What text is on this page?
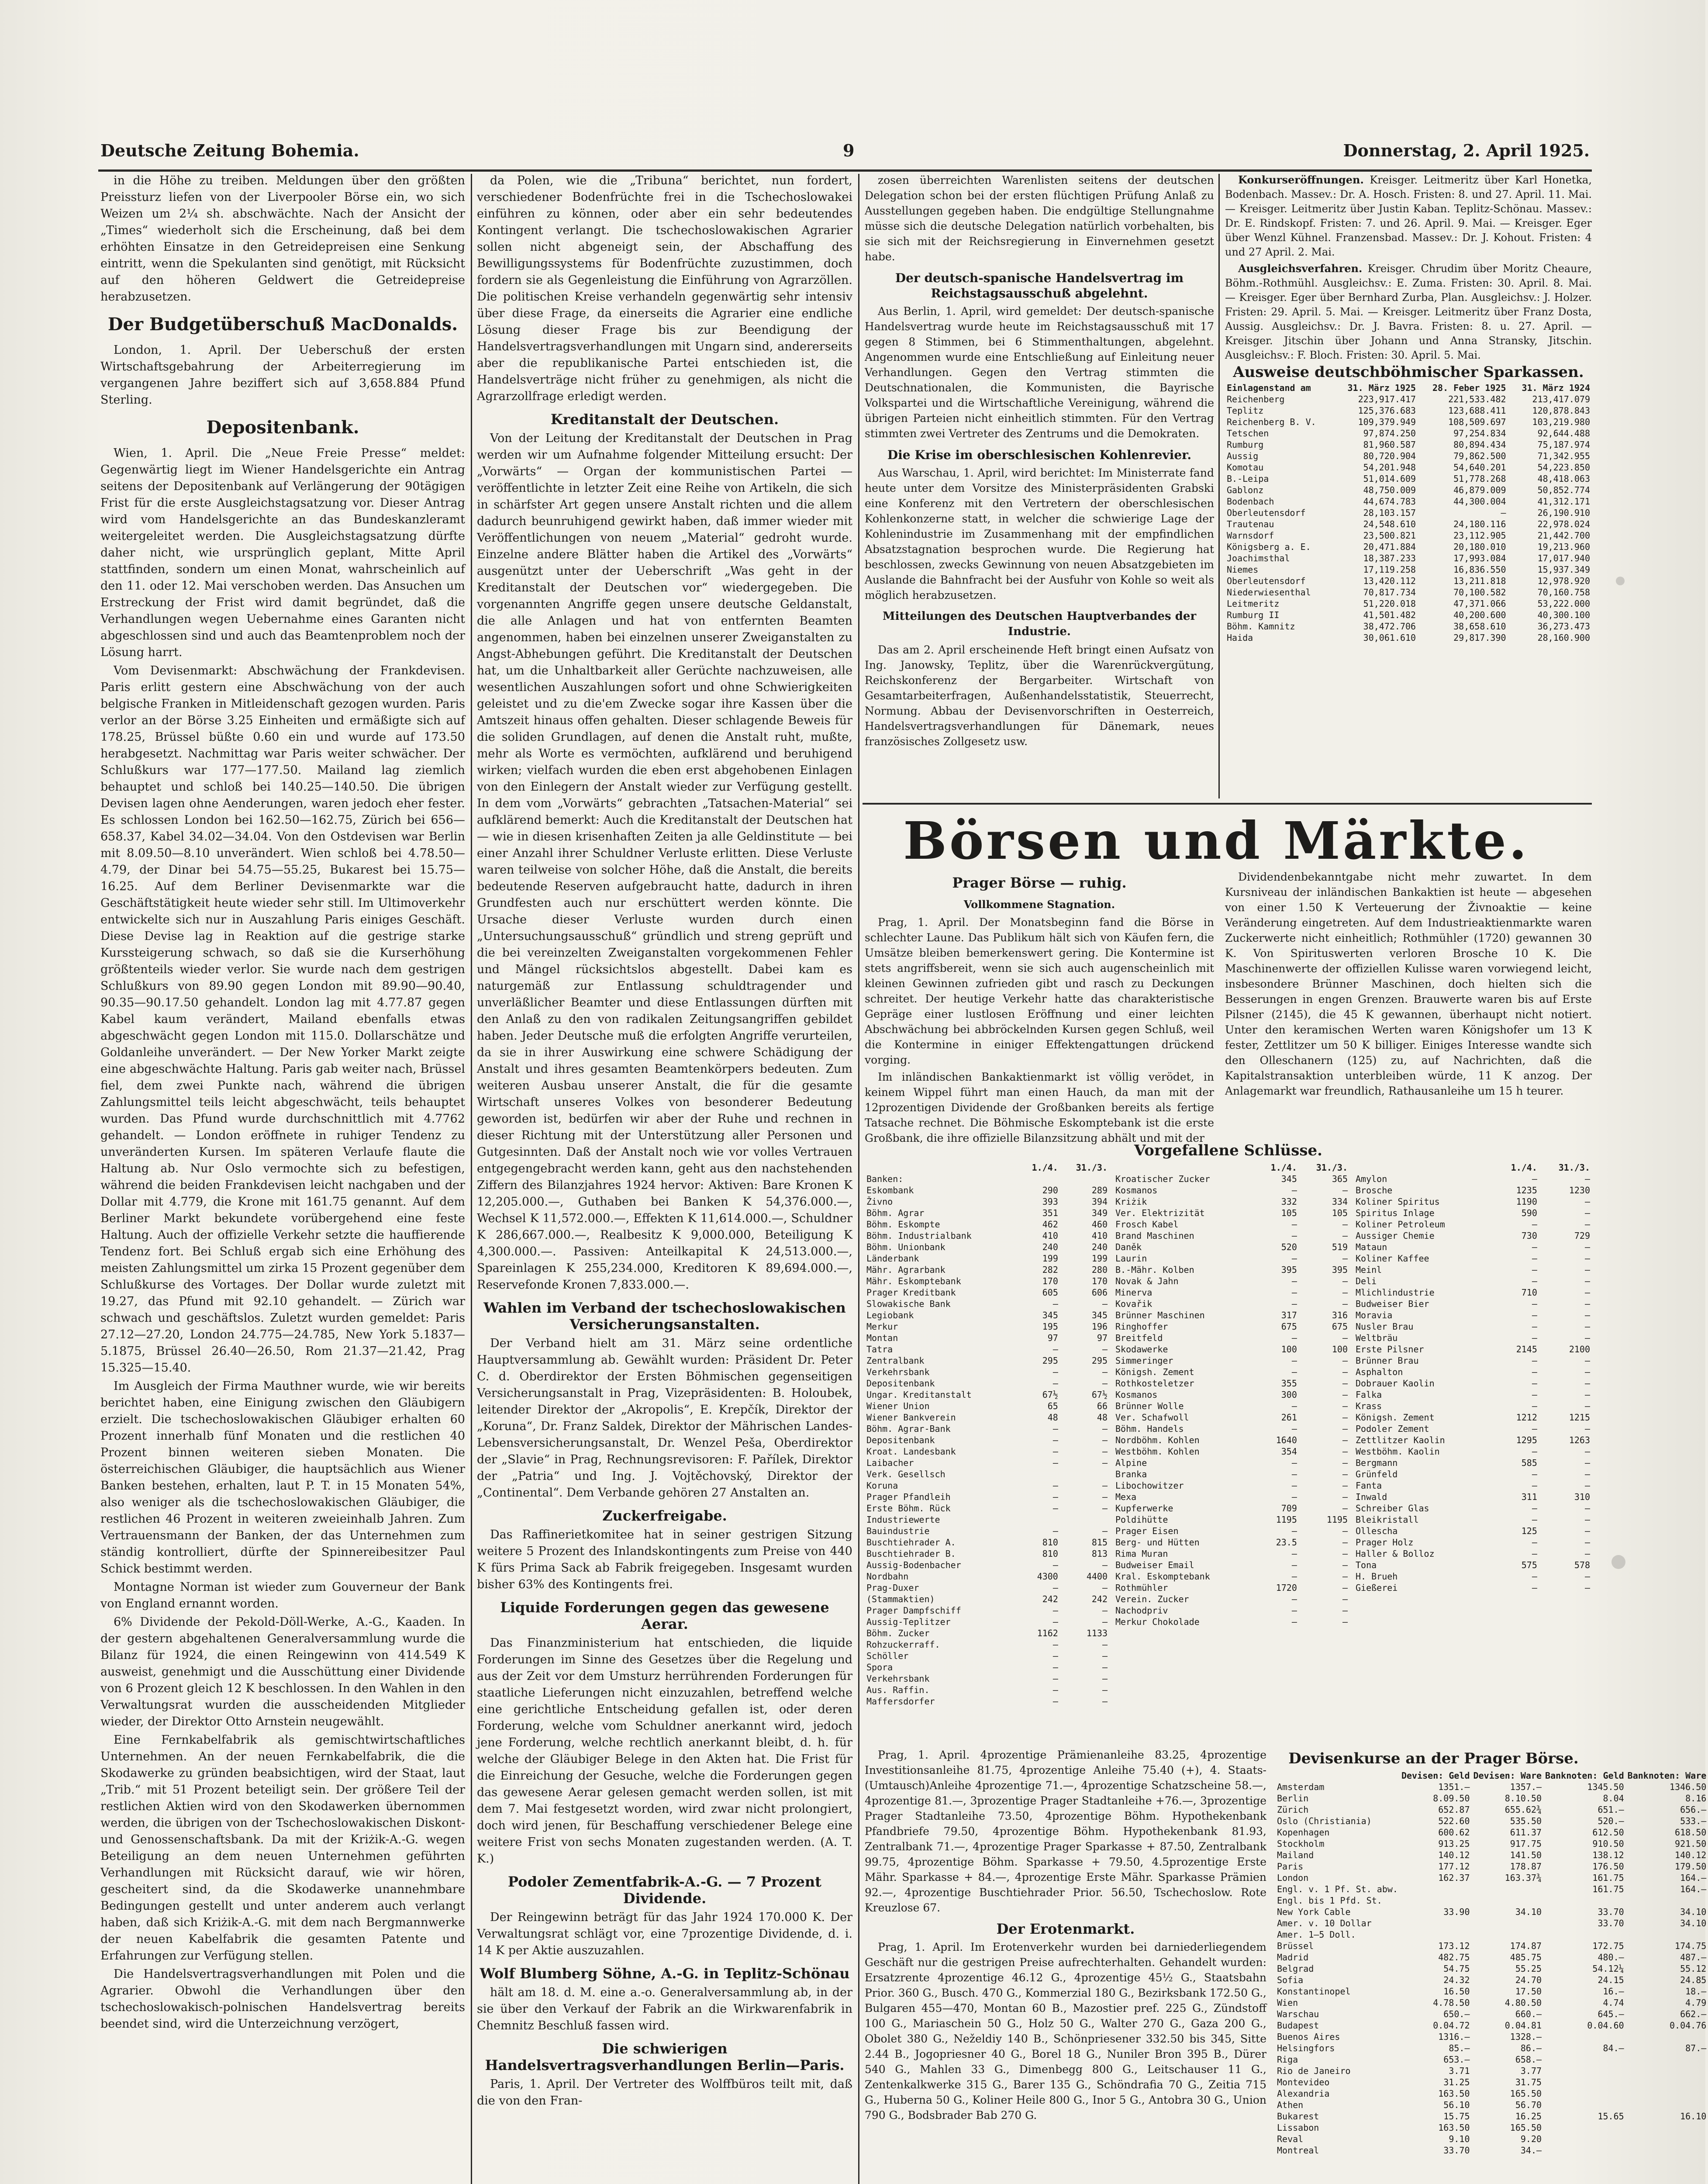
Deutsche Zeitung Bohemia.	9	Donnerstag, 2. April 1925.

in die Höhe zu treiben. Meldungen über den größten Preissturz liefen von der Liverpooler Börse ein, wo sich Weizen um 2¼ sh. abschwächte. Nach der Ansicht der „Times“ wiederholt sich die Erscheinung, daß bei dem erhöhten Einsatze in den Getreidepreisen eine Senkung eintritt, wenn die Spekulanten sind genötigt, mit Rücksicht auf den höheren Geldwert die Getreidepreise herabzusetzen.

Der Budgetüberschuß MacDonalds.

London, 1. April. Der Ueberschuß der ersten Wirtschaftsgebahrung der Arbeiterregierung im vergangenen Jahre beziffert sich auf 3,658.884 Pfund Sterling.

Depositenbank.

Wien, 1. April. Die „Neue Freie Presse“ meldet: Gegenwärtig liegt im Wiener Handelsgerichte ein Antrag seitens der Depositenbank auf Verlängerung der 90tägigen Frist für die erste Ausgleichstagsatzung vor. Dieser Antrag wird vom Handelsgerichte an das Bundeskanzleramt weitergeleitet werden. Die Ausgleichstagsatzung dürfte daher nicht, wie ursprünglich geplant, Mitte April stattfinden, sondern um einen Monat, wahrscheinlich auf den 11. oder 12. Mai verschoben werden. Das Ansuchen um Erstreckung der Frist wird damit begründet, daß die Verhandlungen wegen Uebernahme eines Garanten nicht abgeschlossen sind und auch das Beamtenproblem noch der Lösung harrt.

Vom Devisenmarkt: Abschwächung der Frankdevisen. Paris erlitt gestern eine Abschwächung von der auch belgische Franken in Mitleidenschaft gezogen wurden. Paris verlor an der Börse 3.25 Einheiten und ermäßigte sich auf 178.25, Brüssel büßte 0.60 ein und wurde auf 173.50 herabgesetzt. Nachmittag war Paris weiter schwächer. Der Schlußkurs war 177—177.50. Mailand lag ziemlich behauptet und schloß bei 140.25—140.50. Die übrigen Devisen lagen ohne Aenderungen, waren jedoch eher fester. Es schlossen London bei 162.50—162.75, Zürich bei 656—658.37, Kabel 34.02—34.04. Von den Ostdevisen war Berlin mit 8.09.50—8.10 unverändert. Wien schloß bei 4.78.50—4.79, der Dinar bei 54.75—55.25, Bukarest bei 15.75—16.25. Auf dem Berliner Devisenmarkte war die Geschäftstätigkeit heute wieder sehr still. Im Ultimoverkehr entwickelte sich nur in Auszahlung Paris einiges Geschäft. Diese Devise lag in Reaktion auf die gestrige starke Kurssteigerung schwach, so daß sie die Kurserhöhung größtenteils wieder verlor. Sie wurde nach dem gestrigen Schlußkurs von 89.90 gegen London mit 89.90—90.40, 90.35—90.17.50 gehandelt. London lag mit 4.77.87 gegen Kabel kaum verändert, Mailand ebenfalls etwas abgeschwächt gegen London mit 115.0. Dollarschätze und Goldanleihe unverändert. — Der New Yorker Markt zeigte eine abgeschwächte Haltung. Paris gab weiter nach, Brüssel fiel, dem zwei Punkte nach, während die übrigen Zahlungsmittel teils leicht abgeschwächt, teils behauptet wurden. Das Pfund wurde durchschnittlich mit 4.7762 gehandelt. — London eröffnete in ruhiger Tendenz zu unveränderten Kursen. Im späteren Verlaufe flaute die Haltung ab. Nur Oslo vermochte sich zu befestigen, während die beiden Frankdevisen leicht nachgaben und der Dollar mit 4.779, die Krone mit 161.75 genannt. Auf dem Berliner Markt bekundete vorübergehend eine feste Haltung. Auch der offizielle Verkehr setzte die hauffierende Tendenz fort. Bei Schluß ergab sich eine Erhöhung des meisten Zahlungsmittel um zirka 15 Prozent gegenüber dem Schlußkurse des Vortages. Der Dollar wurde zuletzt mit 19.27, das Pfund mit 92.10 gehandelt. — Zürich war schwach und geschäftslos. Zuletzt wurden gemeldet: Paris 27.12—27.20, London 24.775—24.785, New York 5.1837—5.1875, Brüssel 26.40—26.50, Rom 21.37—21.42, Prag 15.325—15.40.

Im Ausgleich der Firma Mauthner wurde, wie wir bereits berichtet haben, eine Einigung zwischen den Gläubigern erzielt. Die tschechoslowakischen Gläubiger erhalten 60 Prozent innerhalb fünf Monaten und die restlichen 40 Prozent binnen weiteren sieben Monaten. Die österreichischen Gläubiger, die hauptsächlich aus Wiener Banken bestehen, erhalten, laut P. T. in 15 Monaten 54%, also weniger als die tschechoslowakischen Gläubiger, die restlichen 46 Prozent in weiteren zweieinhalb Jahren. Zum Vertrauensmann der Banken, der das Unternehmen zum ständig kontrolliert, dürfte der Spinnereibesitzer Paul Schick bestimmt werden.

Montagne Norman ist wieder zum Gouverneur der Bank von England ernannt worden.

6% Dividende der Pekold-Döll-Werke, A.-G., Kaaden. In der gestern abgehaltenen Generalversammlung wurde die Bilanz für 1924, die einen Reingewinn von 414.549 K ausweist, genehmigt und die Ausschüttung einer Dividende von 6 Prozent gleich 12 K beschlossen. In den Wahlen in den Verwaltungsrat wurden die ausscheidenden Mitglieder wieder, der Direktor Otto Arnstein neugewählt.

Eine Fernkabelfabrik als gemischtwirtschaftliches Unternehmen. An der neuen Fernkabelfabrik, die die Skodawerke zu gründen beabsichtigen, wird der Staat, laut „Trib.“ mit 51 Prozent beteiligt sein. Der größere Teil der restlichen Aktien wird von den Skodawerken übernommen werden, die übrigen von der Tschechoslowakischen Diskont- und Genossenschaftsbank. Da mit der Kriżik-A.-G. wegen Beteiligung an dem neuen Unternehmen geführten Verhandlungen mit Rücksicht darauf, wie wir hören, gescheitert sind, da die Skodawerke unannehmbare Bedingungen gestellt und unter anderem auch verlangt haben, daß sich Kriżik-A.-G. mit dem nach Bergmannwerke der neuen Kabelfabrik die gesamten Patente und Erfahrungen zur Verfügung stellen.

Die Handelsvertragsverhandlungen mit Polen und die Agrarier. Obwohl die Verhandlungen über den tschechoslowakisch-polnischen Handelsvertrag bereits beendet sind, wird die Unterzeichnung verzögert,

da Polen, wie die „Tribuna“ berichtet, nun fordert, verschiedener Bodenfrüchte frei in die Tschechoslowakei einführen zu können, oder aber ein sehr bedeutendes Kontingent verlangt. Die tschechoslowakischen Agrarier sollen nicht abgeneigt sein, der Abschaffung des Bewilligungssystems für Bodenfrüchte zuzustimmen, doch fordern sie als Gegenleistung die Einführung von Agrarzöllen. Die politischen Kreise verhandeln gegenwärtig sehr intensiv über diese Frage, da einerseits die Agrarier eine endliche Lösung dieser Frage bis zur Beendigung der Handelsvertragsverhandlungen mit Ungarn sind, andererseits aber die republikanische Partei entschieden ist, die Handelsverträge nicht früher zu genehmigen, als nicht die Agrarzollfrage erledigt werden.

Kreditanstalt der Deutschen.

Von der Leitung der Kreditanstalt der Deutschen in Prag werden wir um Aufnahme folgender Mitteilung ersucht: Der „Vorwärts“ — Organ der kommunistischen Partei — veröffentlichte in letzter Zeit eine Reihe von Artikeln, die sich in schärfster Art gegen unsere Anstalt richten und die allem dadurch beunruhigend gewirkt haben, daß immer wieder mit Veröffentlichungen von neuem „Material“ gedroht wurde. Einzelne andere Blätter haben die Artikel des „Vorwärts“ ausgenützt unter der Ueberschrift „Was geht in der Kreditanstalt der Deutschen vor“ wiedergegeben. Die vorgenannten Angriffe gegen unsere deutsche Geldanstalt, die alle Anlagen und hat von entfernten Beamten angenommen, haben bei einzelnen unserer Zweiganstalten zu Angst-Abhebungen geführt. Die Kreditanstalt der Deutschen hat, um die Unhaltbarkeit aller Gerüchte nachzuweisen, alle wesentlichen Auszahlungen sofort und ohne Schwierigkeiten geleistet und zu die'em Zwecke sogar ihre Kassen über die Amtszeit hinaus offen gehalten. Dieser schlagende Beweis für die soliden Grundlagen, auf denen die Anstalt ruht, mußte, mehr als Worte es vermöchten, aufklärend und beruhigend wirken; vielfach wurden die eben erst abgehobenen Einlagen von den Einlegern der Anstalt wieder zur Verfügung gestellt. In dem vom „Vorwärts“ gebrachten „Tatsachen-Material“ sei aufklärend bemerkt: Auch die Kreditanstalt der Deutschen hat — wie in diesen krisenhaften Zeiten ja alle Geldinstitute — bei einer Anzahl ihrer Schuldner Verluste erlitten. Diese Verluste waren teilweise von solcher Höhe, daß die Anstalt, die bereits bedeutende Reserven aufgebraucht hatte, dadurch in ihren Grundfesten auch nur erschüttert werden könnte. Die Ursache dieser Verluste wurden durch einen „Untersuchungsausschuß“ gründlich und streng geprüft und die bei vereinzelten Zweiganstalten vorgekommenen Fehler und Mängel rücksichtslos abgestellt. Dabei kam es naturgemäß zur Entlassung schuldtragender und unverläßlicher Beamter und diese Entlassungen dürften mit den Anlaß zu den von radikalen Zeitungsangriffen gebildet haben. Jeder Deutsche muß die erfolgten Angriffe verurteilen, da sie in ihrer Auswirkung eine schwere Schädigung der Anstalt und ihres gesamten Beamtenkörpers bedeuten. Zum weiteren Ausbau unserer Anstalt, die für die gesamte Wirtschaft unseres Volkes von besonderer Bedeutung geworden ist, bedürfen wir aber der Ruhe und rechnen in dieser Richtung mit der Unterstützung aller Personen und Gutgesinnten. Daß der Anstalt noch wie vor volles Vertrauen entgegengebracht werden kann, geht aus den nachstehenden Ziffern des Bilanzjahres 1924 hervor: Aktiven: Bare Kronen K 12,205.000.—, Guthaben bei Banken K 54,376.000.—, Wechsel K 11,572.000.—, Effekten K 11,614.000.—, Schuldner K 286,667.000.—, Realbesitz K 9,000.000, Beteiligung K 4,300.000.—. Passiven: Anteilkapital K 24,513.000.—, Spareinlagen K 255,234.000, Kreditoren K 89,694.000.—, Reservefonde Kronen 7,833.000.—.

Wahlen im Verband der tschechoslowakischen Versicherungsanstalten.

Der Verband hielt am 31. März seine ordentliche Hauptversammlung ab. Gewählt wurden: Präsident Dr. Peter C. d. Oberdirektor der Ersten Böhmischen gegenseitigen Versicherungsanstalt in Prag, Vizepräsidenten: B. Holoubek, leitender Direktor der „Akropolis“, E. Krepčík, Direktor der „Koruna“, Dr. Franz Saldek, Direktor der Mährischen Landes-Lebensversicherungsanstalt, Dr. Wenzel Peša, Oberdirektor der „Slavie“ in Prag, Rechnungsrevisoren: F. Pařílek, Direktor der „Patria“ und Ing. J. Vojtěchovský, Direktor der „Continental“. Dem Verbande gehören 27 Anstalten an.

Zuckerfreigabe.

Das Raffinerietkomitee hat in seiner gestrigen Sitzung weitere 5 Prozent des Inlandskontingents zum Preise von 440 K fürs Prima Sack ab Fabrik freigegeben. Insgesamt wurden bisher 63% des Kontingents frei.

Liquide Forderungen gegen das gewesene Aerar.

Das Finanzministerium hat entschieden, die liquide Forderungen im Sinne des Gesetzes über die Regelung und aus der Zeit vor dem Umsturz herrührenden Forderungen für staatliche Lieferungen nicht einzuzahlen, betreffend welche eine gerichtliche Entscheidung gefallen ist, oder deren Forderung, welche vom Schuldner anerkannt wird, jedoch jene Forderung, welche rechtlich anerkannt bleibt, d. h. für welche der Gläubiger Belege in den Akten hat. Die Frist für die Einreichung der Gesuche, welche die Forderungen gegen das gewesene Aerar gelesen gemacht werden sollen, ist mit dem 7. Mai festgesetzt worden, wird zwar nicht prolongiert, doch wird jenen, für Beschaffung verschiedener Belege eine weitere Frist von sechs Monaten zugestanden werden. (A. T. K.)

Podoler Zementfabrik-A.-G. — 7 Prozent Dividende.

Der Reingewinn beträgt für das Jahr 1924 170.000 K. Der Verwaltungsrat schlägt vor, eine 7prozentige Dividende, d. i. 14 K per Aktie auszuzahlen.

Wolf Blumberg Söhne, A.-G. in Teplitz-Schönau

hält am 18. d. M. eine a.-o. Generalversammlung ab, in der sie über den Verkauf der Fabrik an die Wirkwarenfabrik in Chemnitz Beschluß fassen wird.

Die schwierigen Handelsvertragsverhandlungen Berlin—Paris.

Paris, 1. April. Der Vertreter des Wolffbüros teilt mit, daß die von den Fran-

zosen überreichten Warenlisten seitens der deutschen Delegation schon bei der ersten flüchtigen Prüfung Anlaß zu Ausstellungen gegeben haben. Die endgültige Stellungnahme müsse sich die deutsche Delegation natürlich vorbehalten, bis sie sich mit der Reichsregierung in Einvernehmen gesetzt habe.

Der deutsch-spanische Handelsvertrag im Reichstagsausschuß abgelehnt.

Aus Berlin, 1. April, wird gemeldet: Der deutsch-spanische Handelsvertrag wurde heute im Reichstagsausschuß mit 17 gegen 8 Stimmen, bei 6 Stimmenthaltungen, abgelehnt. Angenommen wurde eine Entschließung auf Einleitung neuer Verhandlungen. Gegen den Vertrag stimmten die Deutschnationalen, die Kommunisten, die Bayrische Volkspartei und die Wirtschaftliche Vereinigung, während die übrigen Parteien nicht einheitlich stimmten. Für den Vertrag stimmten zwei Vertreter des Zentrums und die Demokraten.

Die Krise im oberschlesischen Kohlenrevier.

Aus Warschau, 1. April, wird berichtet: Im Ministerrate fand heute unter dem Vorsitze des Ministerpräsidenten Grabski eine Konferenz mit den Vertretern der oberschlesischen Kohlenkonzerne statt, in welcher die schwierige Lage der Kohlenindustrie im Zusammenhang mit der empfindlichen Absatzstagnation besprochen wurde. Die Regierung hat beschlossen, zwecks Gewinnung von neuen Absatzgebieten im Auslande die Bahnfracht bei der Ausfuhr von Kohle so weit als möglich herabzusetzen.

Mitteilungen des Deutschen Hauptverbandes der Industrie.

Das am 2. April erscheinende Heft bringt einen Aufsatz von Ing. Janowsky, Teplitz, über die Warenrückvergütung, Reichskonferenz der Bergarbeiter. Wirtschaft von Gesamtarbeiterfragen, Außenhandelsstatistik, Steuerrecht, Normung. Abbau der Devisenvorschriften in Oesterreich, Handelsvertragsverhandlungen für Dänemark, neues französisches Zollgesetz usw.

Konkurseröffnungen. Kreisger. Leitmeritz über Karl Honetka, Bodenbach. Massev.: Dr. A. Hosch. Fristen: 8. und 27. April. 11. Mai. — Kreisger. Leitmeritz über Justin Kaban. Teplitz-Schönau. Massev.: Dr. E. Rindskopf. Fristen: 7. und 26. April. 9. Mai. — Kreisger. Eger über Wenzl Kühnel. Franzensbad. Massev.: Dr. J. Kohout. Fristen: 4 und 27 April. 2. Mai.

Ausgleichsverfahren. Kreisger. Chrudim über Moritz Cheaure, Böhm.-Rothmühl. Ausgleichsv.: E. Zuma. Fristen: 30. April. 8. Mai. — Kreisger. Eger über Bernhard Zurba, Plan. Ausgleichsv.: J. Holzer. Fristen: 29. April. 5. Mai. — Kreisger. Leitmeritz über Franz Dosta, Aussig. Ausgleichsv.: Dr. J. Bavra. Fristen: 8. u. 27. April. — Kreisger. Jitschin über Johann und Anna Stransky, Jitschin. Ausgleichsv.: F. Bloch. Fristen: 30. April. 5. Mai.

Ausweise deutschböhmischer Sparkassen.
Einlagenstand am	31. März 1925	28. Feber 1925	31. März 1924
Reichenberg	223,917.417	221,533.482	213,417.079
Teplitz	125,376.683	123,688.411	120,878.843
Reichenberg B. V.	109,379.949	108,509.697	103,219.980
Tetschen	97,874.250	97,254.834	92,644.488
Rumburg	81,960.587	80,894.434	75,187.974
Aussig	80,720.904	79,862.500	71,342.955
Komotau	54,201.948	54,640.201	54,223.850
B.-Leipa	51,014.609	51,778.268	48,418.063
Gablonz	48,750.009	46,879.009	50,852.774
Bodenbach	44,674.783	44,300.004	41,312.171
Oberleutensdorf	28,103.157	—	26,190.910
Trautenau	24,548.610	24,180.116	22,978.024
Warnsdorf	23,500.821	23,112.905	21,442.700
Königsberg a. E.	20,471.884	20,180.010	19,213.960
Joachimsthal	18,387.233	17,993.084	17,017.940
Niemes	17,119.258	16,836.550	15,937.349
Oberleutensdorf	13,420.112	13,211.818	12,978.920
Niederwiesenthal	70,817.734	70,100.582	70,160.758
Leitmeritz	51,220.018	47,371.066	53,222.000
Rumburg II	41,501.482	40,200.600	40,300.100
Böhm. Kamnitz	38,472.706	38,658.610	36,273.473
Haida	30,061.610	29,817.390	28,160.900
Börsen und Märkte.
Prager Börse — ruhig.
Vollkommene Stagnation.

Prag, 1. April. Der Monatsbeginn fand die Börse in schlechter Laune. Das Publikum hält sich von Käufen fern, die Umsätze bleiben bemerkenswert gering. Die Kontermine ist stets angriffsbereit, wenn sie sich auch augenscheinlich mit kleinen Gewinnen zufrieden gibt und rasch zu Deckungen schreitet. Der heutige Verkehr hatte das charakteristische Gepräge einer lustlosen Eröffnung und einer leichten Abschwächung bei abbröckelnden Kursen gegen Schluß, weil die Kontermine in einiger Effektengattungen drückend vorging.

Im inländischen Bankaktienmarkt ist völlig verödet, in keinem Wippel führt man einen Hauch, da man mit der 12prozentigen Dividende der Großbanken bereits als fertige Tatsache rechnet. Die Böhmische Eskomptebank ist die erste Großbank, die ihre offizielle Bilanzsitzung abhält und mit der

Dividendenbekanntgabe nicht mehr zuwartet. In dem Kursniveau der inländischen Bankaktien ist heute — abgesehen von einer 1.50 K Verteuerung der Živnoaktie — keine Veränderung eingetreten. Auf dem Industrieaktienmarkte waren Zuckerwerte nicht einheitlich; Rothmühler (1720) gewannen 30 K. Von Spirituswerten verloren Brosche 10 K. Die Maschinenwerte der offiziellen Kulisse waren vorwiegend leicht, insbesondere Brünner Maschinen, doch hielten sich die Besserungen in engen Grenzen. Brauwerte waren bis auf Erste Pilsner (2145), die 45 K gewannen, überhaupt nicht notiert. Unter den keramischen Werten waren Königshofer um 13 K fester, Zettlitzer um 50 K billiger. Einiges Interesse wandte sich den Olleschanern (125) zu, auf Nachrichten, daß die Kapitalstransaktion unterbleiben würde, 11 K anzog. Der Anlagemarkt war freundlich, Rathausanleihe um 15 h teurer.

Vorgefallene Schlüsse.
	1./4.	31./3.
Banken:		
Eskombank	290	289
Živno	393	394
Böhm. Agrar	351	349
Böhm. Eskompte	462	460
Böhm. Industrialbank	410	410
Böhm. Unionbank	240	240
Länderbank	199	199
Mähr. Agrarbank	282	280
Mähr. Eskomptebank	170	170
Prager Kreditbank	605	606
Slowakische Bank	—	—
Legiobank	345	345
Merkur	195	196
Montan	97	97
Tatra	—	—
Zentralbank	295	295
Verkehrsbank	—	—
Depositenbank	—	—
Ungar. Kreditanstalt	67½	67½
Wiener Union	65	66
Wiener Bankverein	48	48
Böhm. Agrar-Bank	—	—
Depositenbank	—	—
Kroat. Landesbank	—	—
Laibacher	—	—
Verk. Gesellsch		
Koruna	—	—
Prager Pfandleih	—	—
Erste Böhm. Rück	—	—
Industriewerte		
Bauindustrie	—	—
Buschtiehrader A.	810	815
Buschtiehrader B.	810	813
Aussig-Bodenbacher	—	—
Nordbahn	4300	4400
Prag-Duxer	—	—
(Stammaktien)	242	242
Prager Dampfschiff	—	—
Aussig-Teplitzer	—	—
Böhm. Zucker	1162	1133
Rohzuckerraff.	—	—
Schöller	—	—
Spora	—	—
Verkehrsbank	—	—
Aus. Raffin.	—	—
Maffersdorfer	—	—
	1./4.	31./3.
Kroatischer Zucker	345	365
Kosmanos	—	—
Kriżik	332	334
Ver. Elektrizität	105	105
Frosch Kabel	—	—
Brand Maschinen	—	—
Daněk	520	519
Laurin	—	—
B.-Mähr. Kolben	395	395
Novak & Jahn	—	—
Minerva	—	—
Kovařik	—	—
Brünner Maschinen	317	316
Ringhoffer	675	675
Breitfeld	—	—
Skodawerke	100	100
Simmeringer	—	—
Königsh. Zement	—	—
Rothkosteletzer	355	—
Kosmanos	300	—
Brünner Wolle	—	—
Ver. Schafwoll	261	—
Böhm. Handels	—	—
Nordböhm. Kohlen	1640	—
Westböhm. Kohlen	354	—
Alpine	—	—
Branka	—	—
Libochowitzer	—	—
Mexa	—	—
Kupferwerke	709	—
Poldihütte	1195	1195
Prager Eisen	—	—
Berg- und Hütten	23.5	—
Rima Muran	—	—
Budweiser Email	—	—
Kral. Eskomptebank	—	—
Rothmühler	1720	—
Verein. Zucker	—	—
Nachodpriv	—	—
Merkur Chokolade	—	—
	1./4.	31./3.
Amylon	—	—
Brosche	1235	1230
Koliner Spiritus	1190	—
Spiritus Inlage	590	—
Koliner Petroleum	—	—
Aussiger Chemie	730	729
Mataun	—	—
Koliner Kaffee	—	—
Meinl	—	—
Deli	—	—
Mlichlindustrie	710	—
Budweiser Bier	—	—
Moravia	—	—
Nusler Brau	—	—
Weltbräu	—	—
Erste Pilsner	2145	2100
Brünner Brau	—	—
Asphalton	—	—
Dobrauer Kaolin	—	—
Falka	—	—
Krass	—	—
Königsh. Zement	1212	1215
Podoler Zement	—	—
Zettlitzer Kaolin	1295	1263
Westböhm. Kaolin	—	—
Bergmann	585	—
Grünfeld	—	—
Fanta	—	—
Inwald	311	310
Schreiber Glas	—	—
Bleikristall	—	—
Ollescha	125	—
Prager Holz	—	—
Haller & Bolloz	—	—
Tona	575	578
H. Brueh	—	—
Gießerei	—	—

Prag, 1. April. 4prozentige Prämienanleihe 83.25, 4prozentige Investitionsanleihe 81.75, 4prozentige Anleihe 75.40 (+), 4. Staats-(Umtausch)Anleihe 4prozentige 71.—, 4prozentige Schatzscheine 58.—, 4prozentige 81.—, 3prozentige Prager Stadtanleihe +76.—, 3prozentige Prager Stadtanleihe 73.50, 4prozentige Böhm. Hypothekenbank Pfandbriefe 79.50, 4prozentige Böhm. Hypothekenbank 81.93, Zentralbank 71.—, 4prozentige Prager Sparkasse + 87.50, Zentralbank 99.75, 4prozentige Böhm. Sparkasse + 79.50, 4.5prozentige Erste Mähr. Sparkasse + 84.—, 4prozentige Erste Mähr. Sparkasse Prämien 92.—, 4prozentige Buschtiehrader Prior. 56.50, Tschechoslow. Rote Kreuzlose 67.

Der Erotenmarkt.

Prag, 1. April. Im Erotenverkehr wurden bei darniederliegendem Geschäft nur die gestrigen Preise aufrechterhalten. Gehandelt wurden: Ersatzrente 4prozentige 46.12 G., 4prozentige 45½ G., Staatsbahn Prior. 360 G., Busch. 470 G., Kommerzial 180 G., Bezirksbank 172.50 G., Bulgaren 455—470, Montan 60 B., Mazostier pref. 225 G., Zündstoff 100 G., Mariaschein 50 G., Holz 50 G., Walter 270 G., Gaza 200 G., Obolet 380 G., Neželdiy 140 B., Schönpriesener 332.50 bis 345, Sitte 2.44 B., Jogopriesner 40 G., Borel 18 G., Nuniler Bron 395 B., Dürer 540 G., Mahlen 33 G., Dimenbegg 800 G., Leitschauser 11 G., Zentenkalkwerke 315 G., Barer 135 G., Schöndrafia 70 G., Zeitia 715 G., Huberna 50 G., Koliner Heile 800 G., Inor 5 G., Antobra 30 G., Union 790 G., Bodsbrader Bab 270 G.

Devisenkurse an der Prager Börse.
	Devisen: Geld	Devisen: Ware	Banknoten: Geld	Banknoten: Ware
Amsterdam	1351.—	1357.—	1345.50	1346.50
Berlin	8.09.50	8.10.50	8.04	8.16
Zürich	652.87	655.62¾	651.—	656.—
Oslo (Christiania)	522.60	535.50	520.—	533.—
Kopenhagen	600.62	611.37	612.50	618.50
Stockholm	913.25	917.75	910.50	921.50
Mailand	140.12	141.50	138.12	140.12
Paris	177.12	178.87	176.50	179.50
London	162.37	163.37¾	161.75	164.—
Engl. v. 1 Pf. St. abw.			161.75	164.—
Engl. bis 1 Pfd. St.				
New York Cable	33.90	34.10	33.70	34.10
Amer. v. 10 Dollar			33.70	34.10
Amer. 1—5 Doll.				
Brüssel	173.12	174.87	172.75	174.75
Madrid	482.75	485.75	480.—	487.—
Belgrad	54.75	55.25	54.12¼	55.12
Sofia	24.32	24.70	24.15	24.85
Konstantinopel	16.50	17.50	16.—	18.—
Wien	4.78.50	4.80.50	4.74	4.79
Warschau	650.—	660.—	645.—	662.—
Budapest	0.04.72	0.04.81	0.04.60	0.04.76
Buenos Aires	1316.—	1328.—		
Helsingfors	85.—	86.—	84.—	87.—
Riga	653.—	658.—		
Rio de Janeiro	3.71	3.77		
Montevideo	31.25	31.75		
Alexandria	163.50	165.50		
Athen	56.10	56.70		
Bukarest	15.75	16.25	15.65	16.10
Lissabon	163.50	165.50		
Reval	9.10	9.20		
Montreal	33.70	34.—		
